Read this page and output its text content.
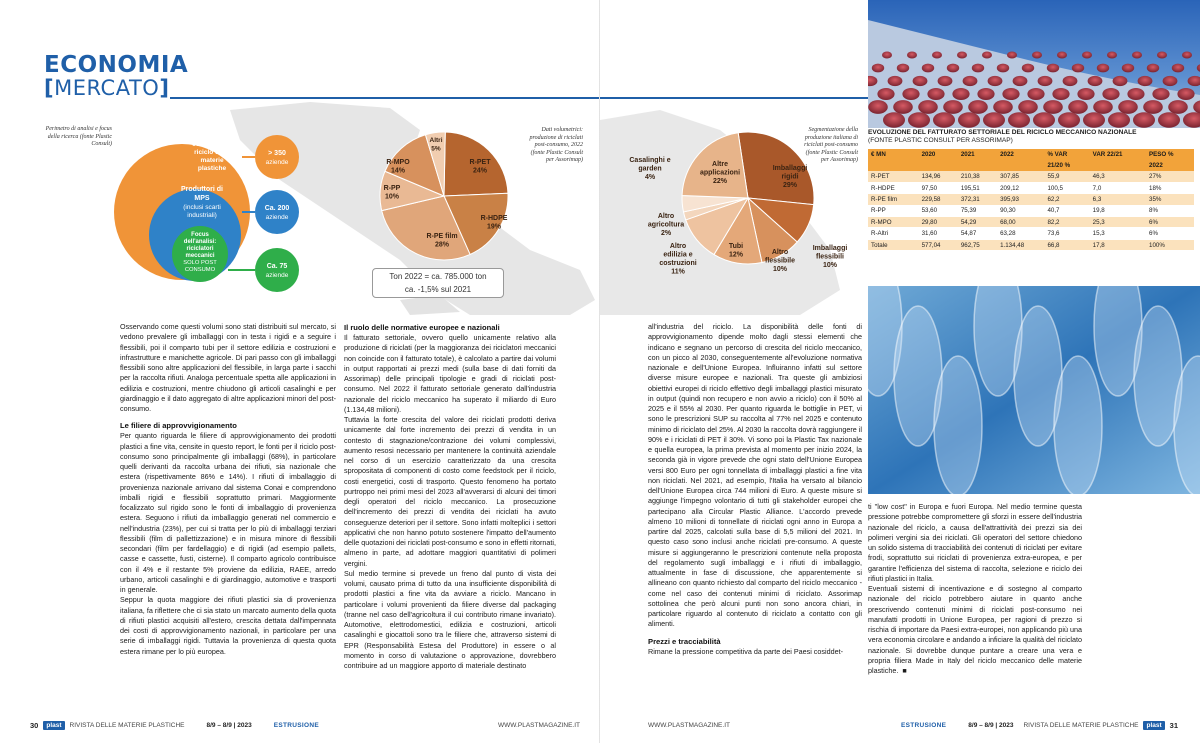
ECONOMIA
[MERCATO]
Perimetro di analisi e focus della ricerca (fonte Plastic Consult)
Aziende
coinvolte nel
riciclo delle
materie
plastiche
Produttori di
MPS
(inclusi scarti
industriali)
Focus
dell'analisi:
riciclatori
meccanici
SOLO POST
CONSUMO
> 350
aziende
Ca. 200
aziende
Ca. 75
aziende
R-PET
24%
R-HDPE
19%
R-PE film
28%
R-PP
10%
R-MPO
14%
Altri
5%
Dati volumetrici: produzione di riciclati post-consumo, 2022 (fonte Plastic Consult per Assorimap)
Ton 2022 = ca. 785.000 ton
ca. -1,5% sul 2021

Osservando come questi volumi sono stati distribuiti sul mercato, si vedono prevalere gli imballaggi con in testa i rigidi e a seguire i flessibili, poi il comparto tubi per il settore edilizia e costruzioni e infrastrutture e manichette agricole. Di pari passo con gli imballaggi flessibili sono altre applicazioni del flessibile, in larga parte i sacchi per la raccolta rifiuti. Analoga percentuale spetta alle applicazioni in edilizia e costruzioni, mentre chiudono gli articoli casalinghi e per giardinaggio e il dato aggregato di altre applicazioni minori del post-consumo.

Le filiere di approvvigionamento

Per quanto riguarda le filiere di approvvigionamento dei prodotti plastici a fine vita, censite in questo report, le fonti per il riciclo post-consumo sono principalmente gli imballaggi (68%), in particolare quelli derivanti da raccolta urbana dei rifiuti, sia nazionale che estera (rispettivamente 86% e 14%). I rifiuti di imballaggio di provenienza nazionale arrivano dal sistema Conai e comprendono imballi rigidi e flessibili soprattutto primari. Maggiormente focalizzato sul rigido sono le fonti di imballaggio di provenienza estera. Seguono i rifiuti da imballaggio generati nel commercio e nell'industria (23%), per cui si tratta per lo più di imballaggi terziari flessibili (film di pallettizzazione) e in misura minore di flessibili secondari (film per fardellaggio) e di rigidi (ad esempio pallets, casse e cassette, fusti, cisterne). Il comparto agricolo contribuisce con il 4% e il restante 5% proviene da edilizia, RAEE, arredo urbano, articoli casalinghi e di giardinaggio, automotive e trasporti in generale.

Seppur la quota maggiore dei rifiuti plastici sia di provenienza italiana, fa riflettere che ci sia stato un marcato aumento della quota di rifiuti plastici acquisiti all'estero, crescita dettata dall'impennata dei costi di approvvigionamento nazionali, in particolare per una serie di imballaggi rigidi. Tuttavia la provenienza di questa quota estera rimane per lo più europea.

Il ruolo delle normative europee e nazionali

Il fatturato settoriale, ovvero quello unicamente relativo alla produzione di riciclati (per la maggioranza dei riciclatori meccanici non coincide con il fatturato totale), è calcolato a partire dai volumi in output rapportati ai prezzi medi (sulla base di dati forniti da Assorimap) delle principali tipologie e gradi di riciclati post-consumo. Nel 2022 il fatturato settoriale generato dall'industria nazionale del riciclo meccanico ha superato il miliardo di Euro (1.134,48 milioni).

Tuttavia la forte crescita del valore dei riciclati prodotti deriva unicamente dal forte incremento dei prezzi di vendita in un contesto di stagnazione/contrazione dei volumi complessivi, aumento resosi necessario per mantenere la continuità aziendale nel corso di un esercizio caratterizzato da una crescita spropositata di componenti di costo come feedstock per il riciclo, costi energetici, costi di trasporto. Questo fenomeno ha portato purtroppo nei primi mesi del 2023 all'avverarsi di alcuni dei timori degli operatori del riciclo meccanico. La prosecuzione dell'incremento dei prezzi di vendita dei riciclati ha avuto conseguenze deteriori per il settore. Sono infatti molteplici i settori applicativi che non hanno potuto sostenere l'impatto dell'aumento delle quotazioni dei riciclati post-consumo e sono in effetti ritornati, almeno in parte, ad adottare maggiori quantitativi di polimeri vergini.

Sul medio termine si prevede un freno dal punto di vista dei volumi, causato prima di tutto da una insufficiente disponibilità di prodotti plastici a fine vita da avviare a riciclo. Mancano in particolare i volumi provenienti da filiere diverse dal packaging (tranne nel caso dell'agricoltura il cui contributo rimane invariato). Automotive, elettrodomestici, edilizia e costruzioni, articoli casalinghi e giocattoli sono tra le filiere che, attraverso sistemi di EPR (Responsabilità Estesa del Produttore) in essere o al momento in corso di valutazione o approvazione, dovrebbero contribuire ad un maggiore apporto di materiale destinato

30	plast	RIVISTA DELLE MATERIE PLASTICHE	8/9 – 8/9 | 2023	ESTRUSIONE	WWW.PLASTMAGAZINE.IT
Imballaggi
rigidi
29%
Imballaggi
flessibili
10%
Altro
flessibile
10%
Tubi
12%
Altro
edilizia e
costruzioni
11%
Altro
agricoltura
2%
Casalinghi e
garden
4%
Altre
applicazioni
22%
Segmentazione della produzione italiana di riciclati post-consumo (fonte Plastic Consult per Assorimap)

all'industria del riciclo. La disponibilità delle fonti di approvvigionamento dipende molto dagli stessi elementi che indicano e segnano un percorso di crescita del riciclo meccanico, con un picco al 2030, conseguentemente all'evoluzione normativa nazionale e dell'Unione Europea. Influiranno infatti sul settore diverse misure europee e nazionali. Tra queste gli ambiziosi obiettivi europei di riciclo effettivo degli imballaggi plastici misurato in output (quindi non recupero e non avvio a riciclo) con il 50% al 2025 e il 55% al 2030. Per quanto riguarda le bottiglie in PET, vi sono le prescrizioni SUP su raccolta al 77% nel 2025 e contenuto minimo di riciclato del 25%. Al 2030 la raccolta dovrà raggiungere il 90% e i riciclati di PET il 30%. Vi sono poi la Plastic Tax nazionale e quella europea, la prima prevista al momento per inizio 2024, la seconda già in vigore prevede che ogni stato dell'Unione Europea versi 800 Euro per ogni tonnellata di imballaggi plastici a fine vita non riciclati. Nel 2021, ad esempio, l'Italia ha versato al bilancio dell'Unione Europea circa 744 milioni di Euro. A queste misure si aggiunge l'impegno volontario di tutti gli stakeholder europei che partecipano alla Circular Plastic Alliance. L'accordo prevede almeno 10 milioni di tonnellate di riciclati ogni anno in Europa a partire dal 2025, calcolati sulla base di 5,5 milioni del 2021. In questo caso sono inclusi anche riciclati pre-consumo. A queste misure si aggiungeranno le prescrizioni contenute nella proposta del regolamento sugli imballaggi e i rifiuti di imballaggio, attualmente in fase di discussione, che apparentemente si allineano con quanto richiesto dal comparto del riciclo meccanico - come nel caso dei contenuti minimi di riciclato. Assorimap sottolinea che però alcuni punti non sono ancora chiari, in particolare riguardo al contenuto di riciclato a contatto con gli alimenti.

Prezzi e tracciabilità

Rimane la pressione competitiva da parte dei Paesi cosiddet-

ti "low cost" in Europa e fuori Europa. Nel medio termine questa pressione potrebbe compromettere gli sforzi in essere dell'industria nazionale del riciclo, a causa dell'attrattività dei prezzi sia dei polimeri vergini sia dei riciclati. Gli operatori del settore chiedono un solido sistema di tracciabilità dei contenuti di riciclati per evitare frodi, soprattutto sui riciclati di provenienza extra-europea, e per garantire l'efficienza del sistema di raccolta, selezione e riciclo dei rifiuti plastici in Italia.

Eventuali sistemi di incentivazione e di sostegno al comparto nazionale del riciclo potrebbero aiutare in quanto anche prescrivendo contenuti minimi di riciclati post-consumo nei manufatti prodotti in Unione Europea, per ragioni di prezzo si rischia di importare da Paesi extra-europei, non applicando più una vera economia circolare e andando a inficiare la qualità del riciclato nazionale. Si dovrebbe dunque puntare a creare una vera e propria filiera Made in Italy del riciclo meccanico delle materie plastiche. ■

WWW.PLASTMAGAZINE.IT	ESTRUSIONE	8/9 – 8/9 | 2023 RIVISTA DELLE MATERIE PLASTICHE	plast	31
EVOLUZIONE DEL FATTURATO SETTORIALE DEL RICICLO MECCANICO NAZIONALE
(FONTE PLASTIC CONSULT PER ASSORIMAP)
€ MN	2020	2021	2022	% VAR	VAR 22/21	PESO %
				21/20 %		2022
R-PET	134,96	210,38	307,85	55,9	46,3	27%
R-HDPE	97,50	195,51	209,12	100,5	7,0	18%
R-PE film	229,58	372,31	395,93	62,2	6,3	35%
R-PP	53,60	75,39	90,30	40,7	19,8	8%
R-MPO	29,80	54,29	68,00	82,2	25,3	6%
R-Altri	31,60	54,87	63,28	73,6	15,3	6%
Totale	577,04	962,75	1.134,48	66,8	17,8	100%
